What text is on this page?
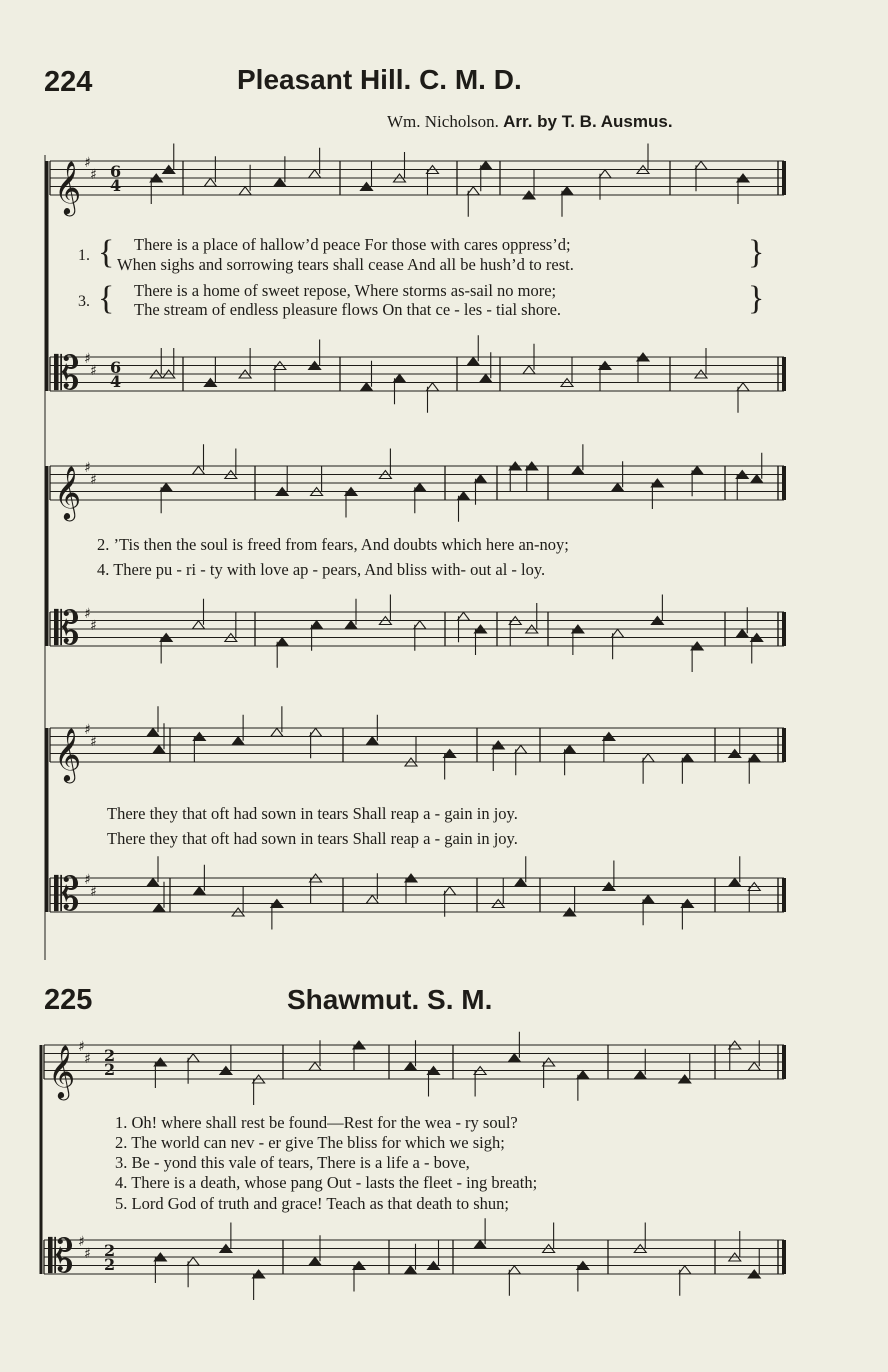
224	Pleasant Hill. C. M. D.
Wm. Nicholson. Arr. by T. B. Ausmus.
𝄞
𝄡
♯
♯
♯
♯
6
4
6
4
𝄞
𝄡
♯
♯
♯
♯
𝄞
𝄡
♯
♯
♯
♯
𝄞
𝄡
♯
♯
♯
♯
2
2
2
2
1. { There is a place of hallow’d peace For those with cares oppress’d;
When sighs and sorrowing tears shall cease And all be hush’d to rest.	}
3. { There is a home of sweet repose, Where storms as-sail no more;
The stream of endless pleasure flows On that ce - les - tial shore.	}
2. ’Tis then the soul is freed from fears, And doubts which here an-noy;
4. There pu - ri - ty with love ap - pears, And bliss with- out al - loy.
There they that oft had sown in tears Shall reap a - gain in joy.
There they that oft had sown in tears Shall reap a - gain in joy.
225	Shawmut. S. M.
1. Oh! where shall rest be found—Rest for the wea - ry soul?
2. The world can nev - er give The bliss for which we sigh;
3. Be - yond this vale of tears, There is a life a - bove,
4. There is a death, whose pang Out - lasts the fleet - ing breath;
5. Lord God of truth and grace! Teach as that death to shun;
